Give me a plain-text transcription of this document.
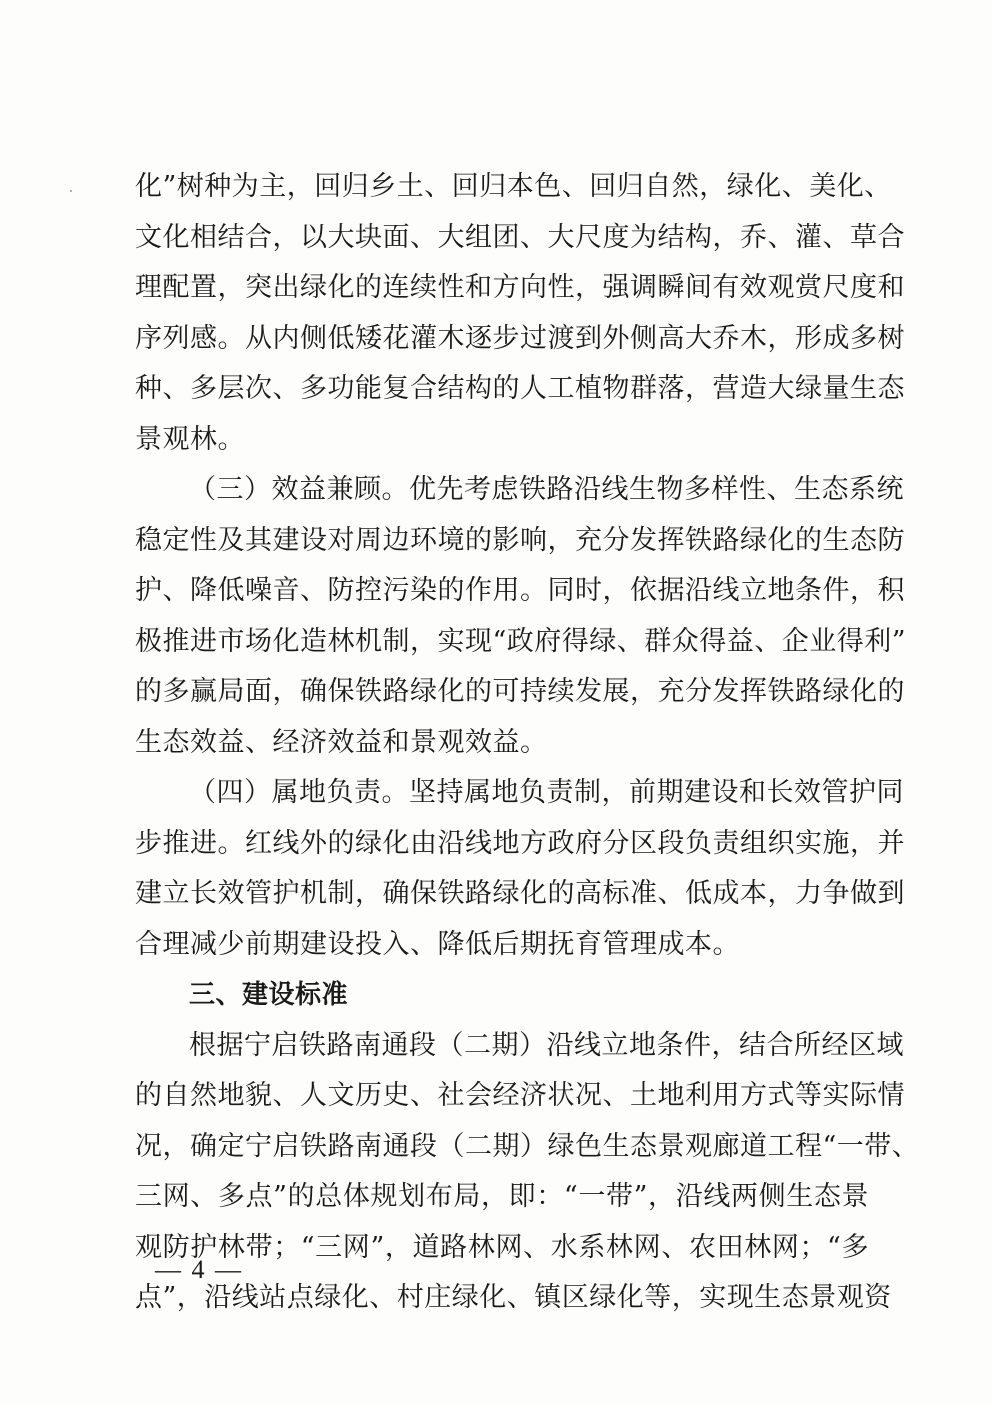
化”树种为主，回归乡土、回归本色、回归自然，绿化、美化、
文化相结合，以大块面、大组团、大尺度为结构，乔、灌、草合
理配置，突出绿化的连续性和方向性，强调瞬间有效观赏尺度和
序列感。从内侧低矮花灌木逐步过渡到外侧高大乔木，形成多树
种、多层次、多功能复合结构的人工植物群落，营造大绿量生态
景观林。
（三）效益兼顾。优先考虑铁路沿线生物多样性、生态系统
稳定性及其建设对周边环境的影响，充分发挥铁路绿化的生态防
护、降低噪音、防控污染的作用。同时，依据沿线立地条件，积
极推进市场化造林机制，实现“政府得绿、群众得益、企业得利”
的多赢局面，确保铁路绿化的可持续发展，充分发挥铁路绿化的
生态效益、经济效益和景观效益。
（四）属地负责。坚持属地负责制，前期建设和长效管护同
步推进。红线外的绿化由沿线地方政府分区段负责组织实施，并
建立长效管护机制，确保铁路绿化的高标准、低成本，力争做到
合理减少前期建设投入、降低后期抚育管理成本。
三、建设标准
根据宁启铁路南通段（二期）沿线立地条件，结合所经区域
的自然地貌、人文历史、社会经济状况、土地利用方式等实际情
况，确定宁启铁路南通段（二期）绿色生态景观廊道工程“一带、
三网、多点”的总体规划布局，即：“一带”，沿线两侧生态景
观防护林带；“三网”，道路林网、水系林网、农田林网；“多
点”，沿线站点绿化、村庄绿化、镇区绿化等，实现生态景观资
— 4 —
